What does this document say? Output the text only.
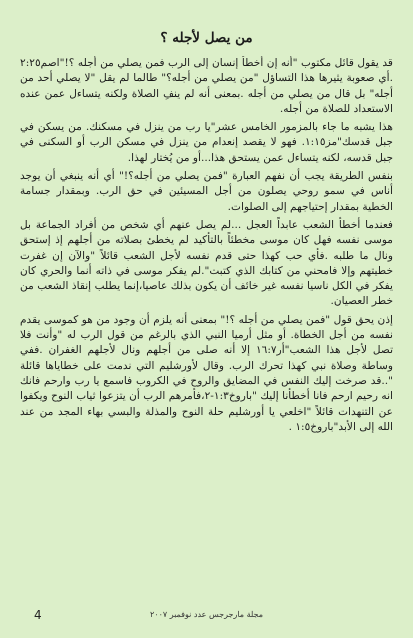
من يصل لأجله ؟

قد يقول قائل مكتوب "أنه إن أخطأ إنسان إلى الرب فمن يصلي من أجله ؟!"اصم٢:٢٥ .أي صعوبة يثيرها هذا التساؤل "من يصلي من أجله؟" طالما لم يقل "لا يصلي أحد من أجله" بل قال من يصلي من أجله .بمعنى أنه لم ينفِ الصلاة ولكنه يتساءل عمن عنده الاستعداد للصلاة من أجله.

هذا يشبه ما جاء بالمزمور الخامس عشر"يا رب من ينزل في مسكنك. من يسكن في جبل قدسك"مز١:١٥. فهو لا يقصد إنعدام من ينزل في مسكن الرب أو السكنى في جبل قدسه، لكنه يتساءل عمن يستحق هذا...أو من يُختار لهذا.

بنفس الطريقة يجب أن نفهم العبارة "فمن يصلي من أجله؟!" أي أنه ينبغي أن يوجد أناس في سمو روحي يصلون من أجل المسيئين في حق الرب. وبمقدار جسامة الخطية بمقدار إحتياجهم إلى الصلوات.

فعندما أخطأ الشعب عابداً العجل ...لم يصل عنهم أي شخص من أفراد الجماعة بل موسى نفسه فهل كان موسى مخطئاً بالتأكيد لم يخطئ بصلاته من أجلهم إذ إستحق ونال ما طلبه .فأي حب كهذا حتى قدم نفسه لأجل الشعب قائلاً "والآن إن غفرت خطيتهم وإلا فامحني من كتابك الذي كتبت".لم يفكر موسى في ذاته أنما والحري كان يفكر في الكل ناسيا نفسه غير خائف أن يكون بذلك عاصيا،إنما يطلب إنقاذ الشعب من خطر العصيان.

إذن يحق قول "فمن يصلي من أجله ؟!" بمعنى أنه يلزم أن وجود من هو كموسى يقدم نفسه من أجل الخطاة. أو مثل أرميا النبي الذي بالرغم من قول الرب له "وأنت فلا تصل لأجل هذا الشعب"أر١٦:٧ إلا أنه صلى من أجلهم ونال لأجلهم الغفران .ففي وساطة وصلاة نبي كهذا تحرك الرب. وقال لأورشليم التي ندمت على خطاياها قائلة "..قد صرخت إليك النفس في المضايق والروح في الكروب فاسمع يا رب وارحم فانك انه رحيم ارحم فانا أخطأنا إليك "باروخ١:٣-٢،فأمرهم الرب أن يتزعوا ثياب النوح ويكفوا عن التنهدات قائلاً "اخلعي يا أورشليم حلة النوح والمذلة والبسي بهاء المجد من عند الله إلى الأبد"باروخ١:٥ .

4	مجلة مارجرجس عدد نوفمبر ٢٠٠٧
